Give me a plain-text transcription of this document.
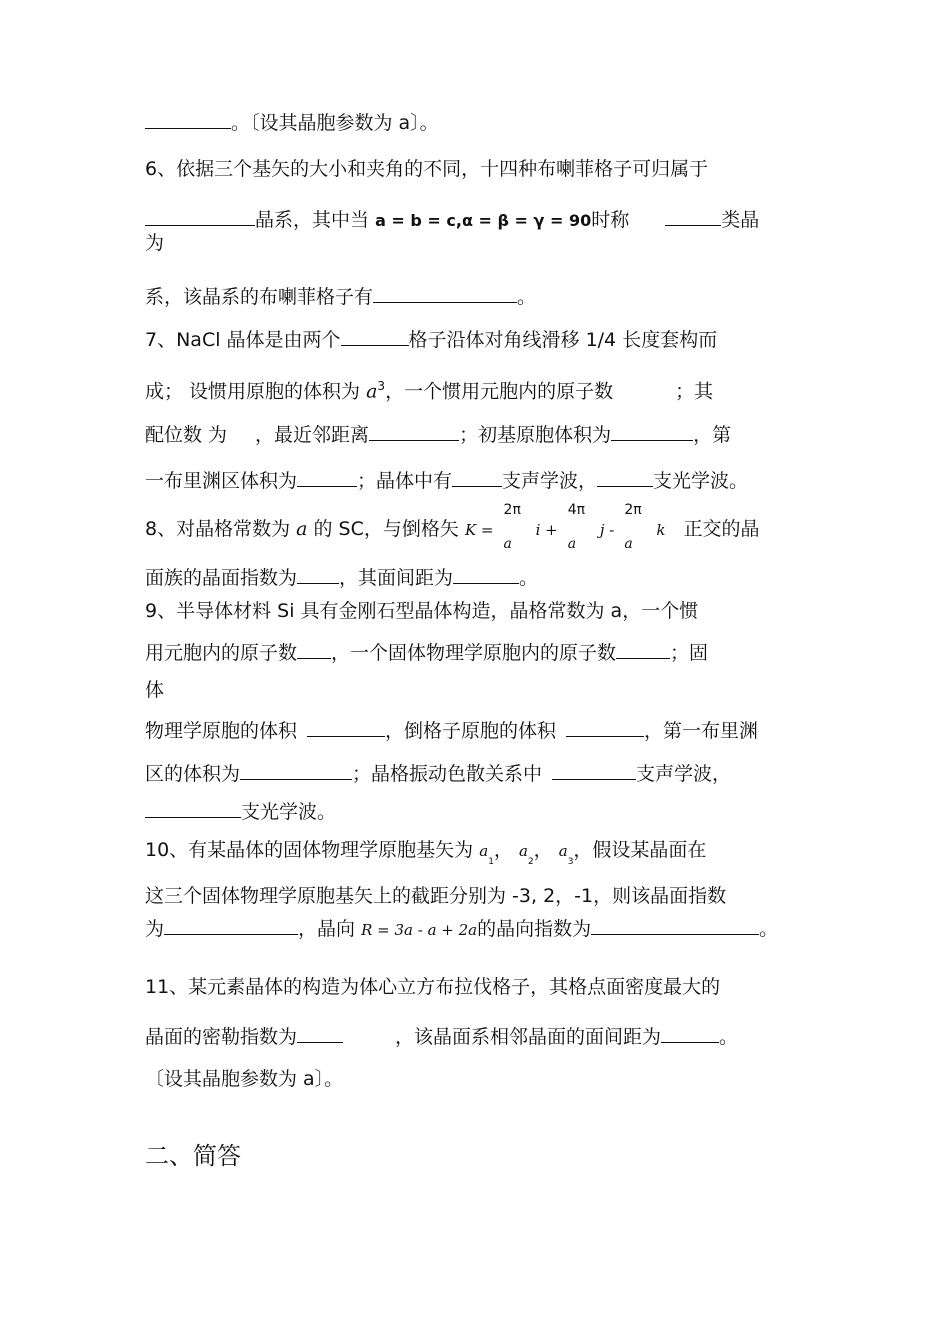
。〔设其晶胞参数为 a〕。
6、依据三个基矢的大小和夹角的不同，十四种布喇菲格子可归属于
晶系，其中当 a = b = c,α = β = γ = 90时称	类晶
为
系，该晶系的布喇菲格子有	。
7、NaCl 晶体是由两个	格子沿体对角线滑移 1/4 长度套构而
成； 设惯用原胞的体积为 $a^3$，一个惯用元胞内的原子数	；其
配位数 为 ，最近邻距离	；初基原胞体积为	，第
一布里渊区体积为	；晶体中有	支声学波，	支光学波。
8、对晶格常数为 a 的 SC，与倒格矢 K =
2π
a
i +
4π
a
j -
2π
a
k 正交的晶
面族的晶面指数为 ，其面间距为	。
9、半导体材料 Si 具有金刚石型晶体构造，晶格常数为 a，一个惯
用元胞内的原子数 ，一个固体物理学原胞内的原子数	；固
体
物理学原胞的体积	，倒格子原胞的体积	，第一布里渊
区的体积为	；晶格振动色散关系中	支声学波，
支光学波。
10、有某晶体的固体物理学原胞基矢为 $a_1$， $a_2$， $a_3$，假设某晶面在
这三个固体物理学原胞基矢上的截距分别为 -3, 2，-1，则该晶面指数
为	，晶向 R = 3a - a + 2a的晶向指数为	。
11、某元素晶体的构造为体心立方布拉伐格子，其格点面密度最大的
晶面的密勒指数为	，该晶面系相邻晶面的面间距为	。
〔设其晶胞参数为 a〕。
二、简答
